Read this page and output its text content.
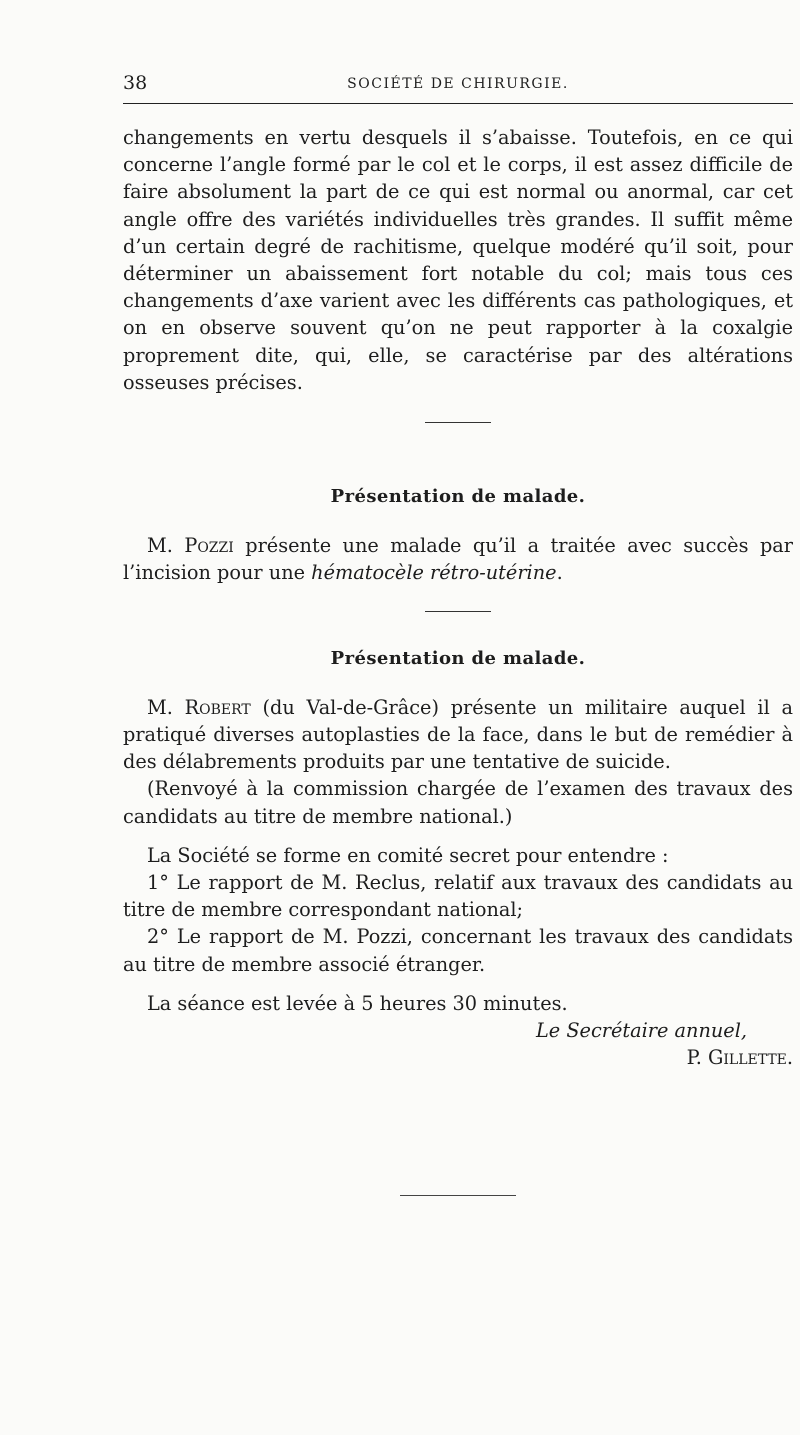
38	SOCIÉTÉ DE CHIRURGIE.

changements en vertu desquels il s’abaisse. Toutefois, en ce qui concerne l’angle formé par le col et le corps, il est assez difficile de faire absolument la part de ce qui est normal ou anormal, car cet angle offre des variétés individuelles très grandes. Il suffit même d’un certain degré de rachitisme, quelque modéré qu’il soit, pour déterminer un abaissement fort notable du col; mais tous ces changements d’axe varient avec les différents cas pathologiques, et on en observe souvent qu’on ne peut rapporter à la coxalgie proprement dite, qui, elle, se caractérise par des altérations osseuses précises.

Présentation de malade.

M. Pozzi présente une malade qu’il a traitée avec succès par l’incision pour une hématocèle rétro-utérine.

Présentation de malade.

M. Robert (du Val-de-Grâce) présente un militaire auquel il a pratiqué diverses autoplasties de la face, dans le but de remédier à des délabrements produits par une tentative de suicide.

(Renvoyé à la commission chargée de l’examen des travaux des candidats au titre de membre national.)

La Société se forme en comité secret pour entendre :

1° Le rapport de M. Reclus, relatif aux travaux des candidats au titre de membre correspondant national;

2° Le rapport de M. Pozzi, concernant les travaux des candidats au titre de membre associé étranger.

La séance est levée à 5 heures 30 minutes.

Le Secrétaire annuel,

P. Gillette.
